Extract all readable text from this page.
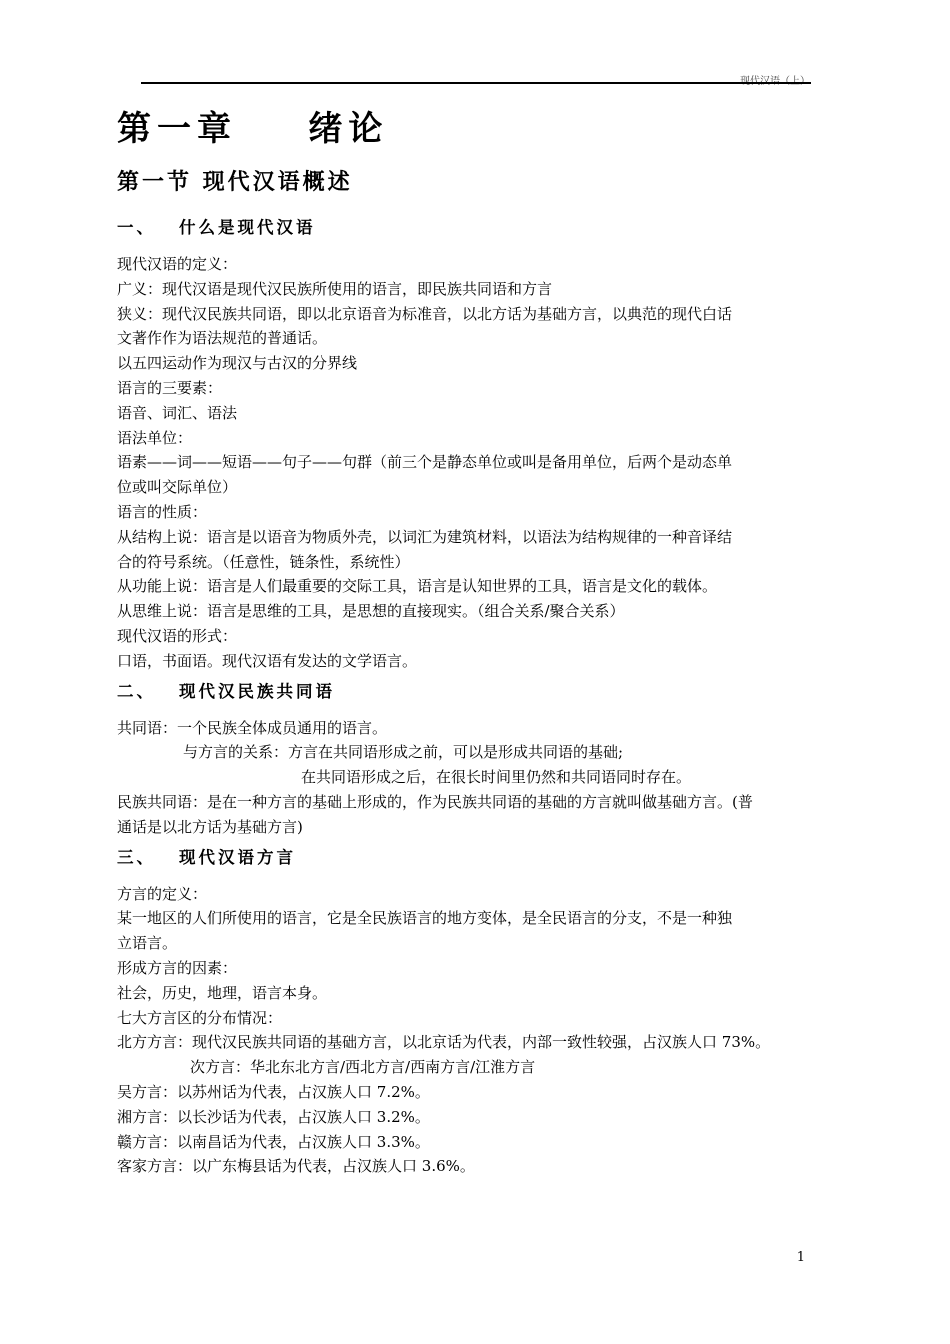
现代汉语（上）
第一章    绪论
第一节 现代汉语概述
一、 什么是现代汉语

现代汉语的定义：

广义：现代汉语是现代汉民族所使用的语言，即民族共同语和方言

狭义：现代汉民族共同语，即以北京语音为标准音，以北方话为基础方言，以典范的现代白话

文著作作为语法规范的普通话。

以五四运动作为现汉与古汉的分界线

语言的三要素：

语音、词汇、语法

语法单位：

语素——词——短语——句子——句群（前三个是静态单位或叫是备用单位，后两个是动态单

位或叫交际单位）

语言的性质：

从结构上说：语言是以语音为物质外壳，以词汇为建筑材料，以语法为结构规律的一种音译结

合的符号系统。（任意性，链条性，系统性）

从功能上说：语言是人们最重要的交际工具，语言是认知世界的工具，语言是文化的载体。

从思维上说：语言是思维的工具，是思想的直接现实。（组合关系/聚合关系）

现代汉语的形式：

口语，书面语。现代汉语有发达的文学语言。

二、 现代汉民族共同语

共同语：一个民族全体成员通用的语言。

与方言的关系：方言在共同语形成之前，可以是形成共同语的基础;

在共同语形成之后，在很长时间里仍然和共同语同时存在。

民族共同语：是在一种方言的基础上形成的，作为民族共同语的基础的方言就叫做基础方言。(普

通话是以北方话为基础方言)

三、 现代汉语方言

方言的定义：

某一地区的人们所使用的语言，它是全民族语言的地方变体，是全民语言的分支，不是一种独

立语言。

形成方言的因素：

社会，历史，地理，语言本身。

七大方言区的分布情况：

北方方言：现代汉民族共同语的基础方言，以北京话为代表，内部一致性较强，占汉族人口 73%。

次方言：华北东北方言/西北方言/西南方言/江淮方言

吴方言：以苏州话为代表，占汉族人口 7.2%。

湘方言：以长沙话为代表，占汉族人口 3.2%。

赣方言：以南昌话为代表，占汉族人口 3.3%。

客家方言：以广东梅县话为代表，占汉族人口 3.6%。

1
